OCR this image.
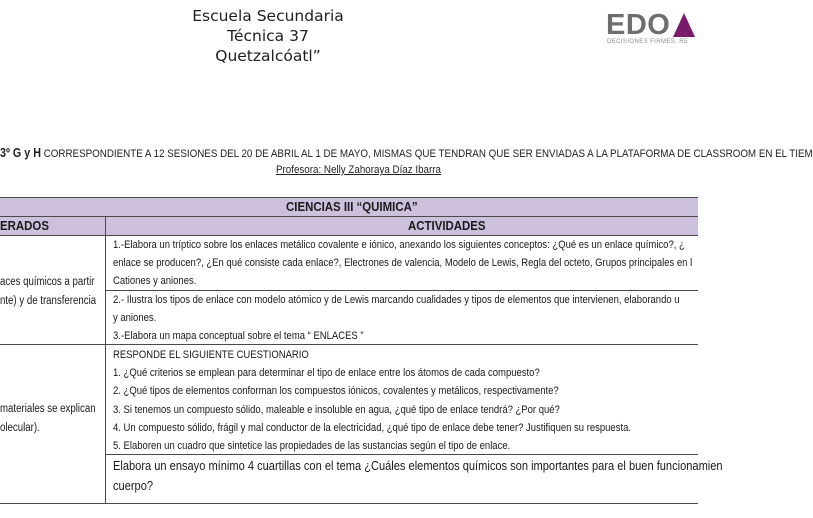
Escuela Secundaria Técnica 37
Quetzalcóatl”
EDO
DECISIONES FIRMES, RE
3º G y H CORRESPONDIENTE A 12 SESIONES DEL 20 DE ABRIL AL 1 DE MAYO, MISMAS QUE TENDRAN QUE SER ENVIADAS A LA PLATAFORMA DE CLASSROOM EN EL TIEM
Profesora: Nelly Zahoraya Díaz Ibarra
CIENCIAS III “QUIMICA”
ERADOS	ACTIVIDADES
aces químicos a partir
nte) y de transferencia
1.-Elabora un tríptico sobre los enlaces metálico covalente e iónico, anexando los siguientes conceptos: ¿Qué es un enlace químico?, ¿
enlace se producen?, ¿En qué consiste cada enlace?, Electrones de valencia, Modelo de Lewis, Regla del octeto, Grupos principales en l
Cationes y aniones.
2.- Ilustra los tipos de enlace con modelo atómico y de Lewis marcando cualidades y tipos de elementos que intervienen, elaborando u
y aniones.
3.-Elabora un mapa conceptual sobre el tema “ ENLACES ”
materiales se explican
olecular).
RESPONDE EL SIGUIENTE CUESTIONARIO
1. ¿Qué criterios se emplean para determinar el tipo de enlace entre los átomos de cada compuesto?
2. ¿Qué tipos de elementos conforman los compuestos iónicos, covalentes y metálicos, respectivamente?
3. Si tenemos un compuesto sólido, maleable e insoluble en agua, ¿qué tipo de enlace tendrá? ¿Por qué?
4. Un compuesto sólido, frágil y mal conductor de la electricidad, ¿qué tipo de enlace debe tener? Justifiquen su respuesta.
5. Elaboren un cuadro que sintetice las propiedades de las sustancias según el tipo de enlace.
Elabora un ensayo mínimo 4 cuartillas con el tema ¿Cuáles elementos químicos son importantes para el buen funcionamien
cuerpo?
